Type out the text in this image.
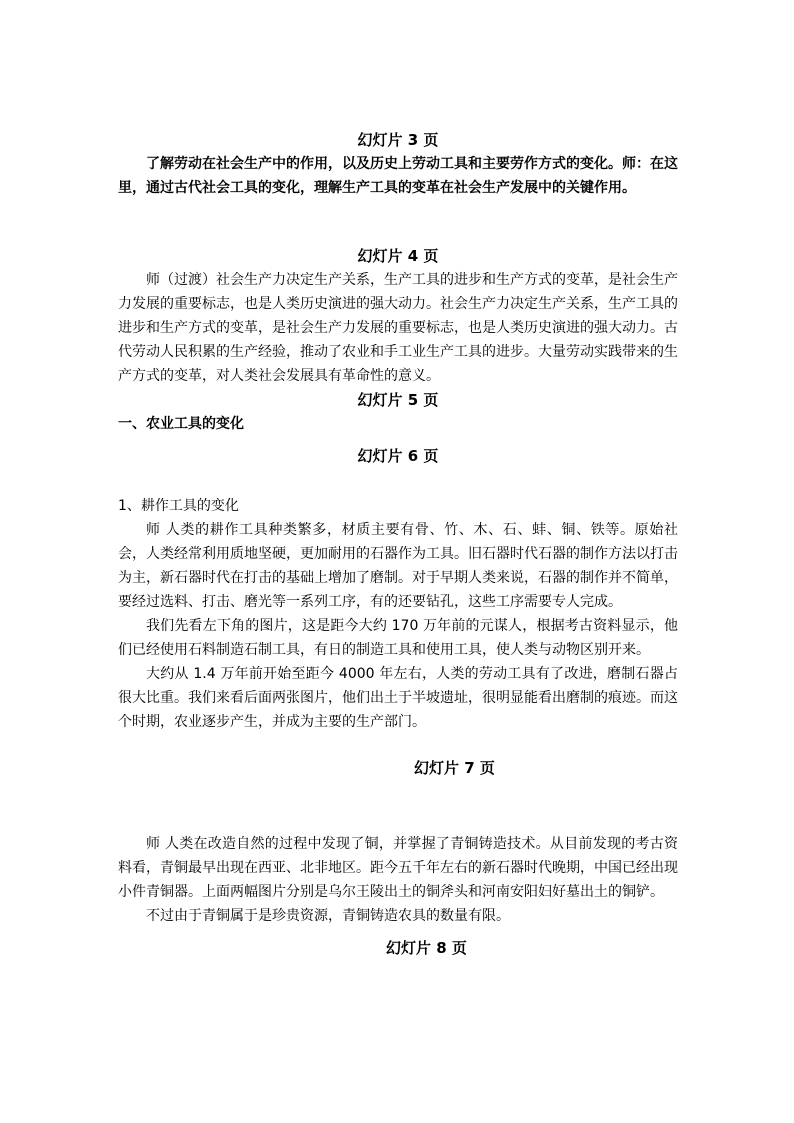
幻灯片 3 页

了解劳动在社会生产中的作用，以及历史上劳动工具和主要劳作方式的变化。师：在这里，通过古代社会工具的变化，理解生产工具的变革在社会生产发展中的关键作用。

幻灯片 4 页

师（过渡）社会生产力决定生产关系，生产工具的进步和生产方式的变革，是社会生产力发展的重要标志，也是人类历史演进的强大动力。社会生产力决定生产关系，生产工具的进步和生产方式的变革，是社会生产力发展的重要标志，也是人类历史演进的强大动力。古代劳动人民积累的生产经验，推动了农业和手工业生产工具的进步。大量劳动实践带来的生产方式的变革，对人类社会发展具有革命性的意义。

幻灯片 5 页

一、农业工具的变化

幻灯片 6 页

1、耕作工具的变化

师 人类的耕作工具种类繁多，材质主要有骨、竹、木、石、蚌、铜、铁等。原始社会，人类经常利用质地坚硬，更加耐用的石器作为工具。旧石器时代石器的制作方法以打击为主，新石器时代在打击的基础上增加了磨制。对于早期人类来说，石器的制作并不简单，要经过选料、打击、磨光等一系列工序，有的还要钻孔，这些工序需要专人完成。

我们先看左下角的图片，这是距今大约 170 万年前的元谋人，根据考古资料显示，他们已经使用石料制造石制工具，有日的制造工具和使用工具，使人类与动物区别开来。

大约从 1.4 万年前开始至距今 4000 年左右，人类的劳动工具有了改进，磨制石器占很大比重。我们来看后面两张图片，他们出土于半坡遗址，很明显能看出磨制的痕迹。而这个时期，农业逐步产生，并成为主要的生产部门。

幻灯片 7 页

师 人类在改造自然的过程中发现了铜，并掌握了青铜铸造技术。从目前发现的考古资料看，青铜最早出现在西亚、北非地区。距今五千年左右的新石器时代晚期，中国已经出现小件青铜器。上面两幅图片分别是乌尔王陵出土的铜斧头和河南安阳妇好墓出土的铜铲。

不过由于青铜属于是珍贵资源，青铜铸造农具的数量有限。

幻灯片 8 页
